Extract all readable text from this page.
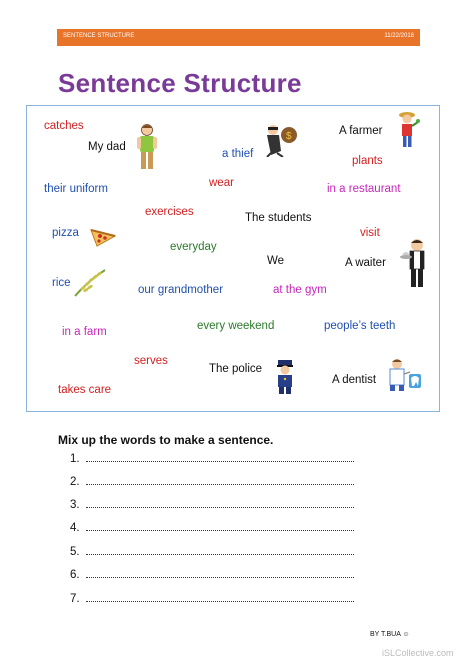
SENTENCE STRUCTURE	11/22/2018
Sentence Structure
catches
My dad
a thief
A farmer
plants
their uniform	wear	in a restaurant
exercises	The students
pizza
everyday
visit
We	A waiter
rice
our grandmother	at the gym
in a farm	every weekend	people’s teeth
serves
The police
A dentist
takes care
$
Mix up the words to make a sentence.
1.
2.
3.
4.
5.
6.
7.
BY T.BUA ☺
iSLCollective.com
